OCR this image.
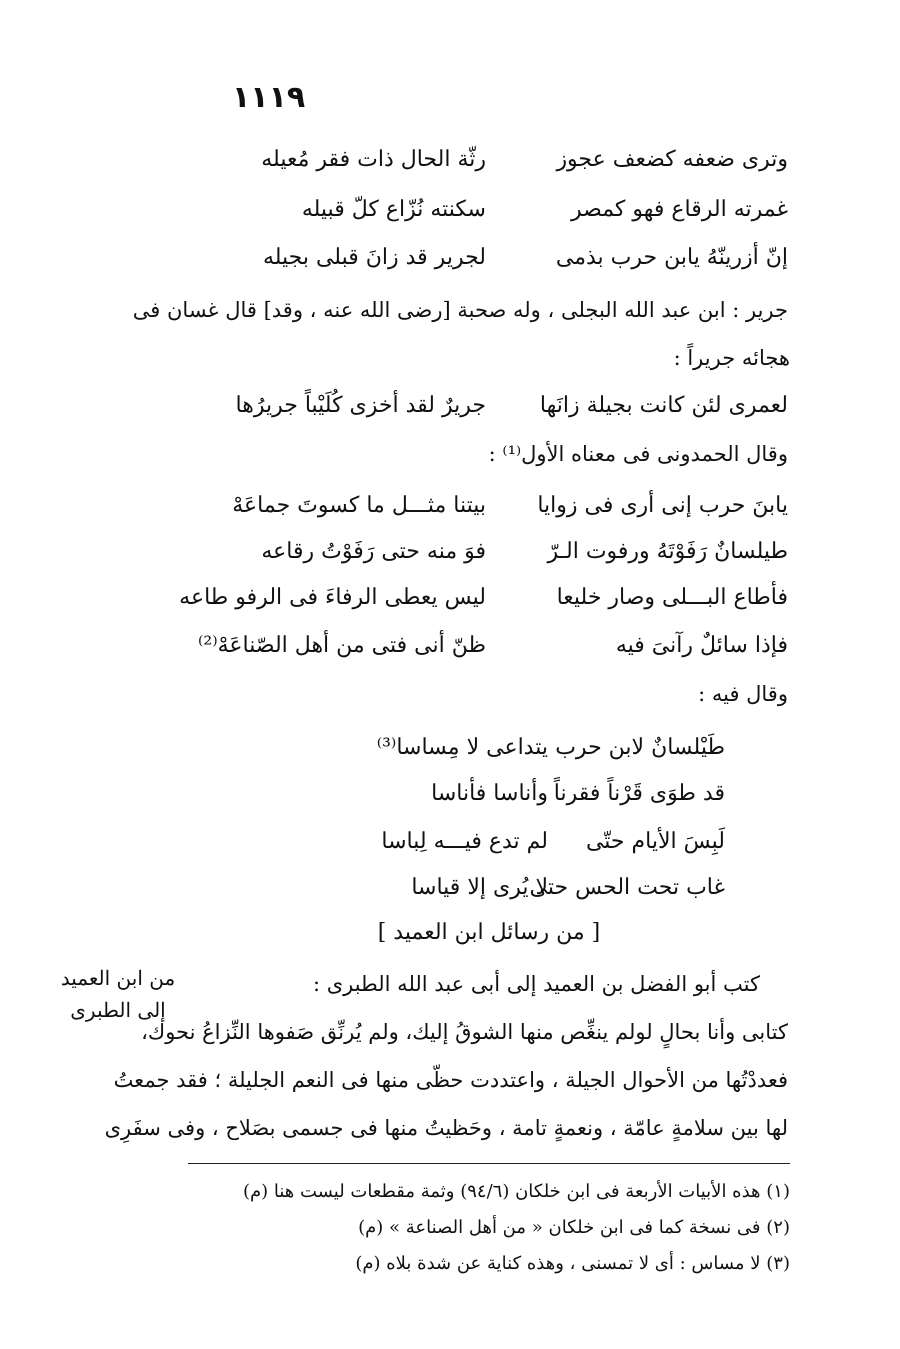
١١١٩
وترى ضعفه كضعف عجوز
رثّة الحال ذات فقر مُعيله
غمرته الرقاع فهو كمصر
سكنته نُزّاع كلّ قبيله
إنّ أزرينّهُ يابن حرب بذمى
لجرير قد زانَ قبلى بجيله
جرير : ابن عبد الله البجلى ، وله صحبة [رضى الله عنه ، وقد] قال غسان فى
هجائه جريراً :
لعمرى لئن كانت بجيلة زانَها
جريرٌ لقد أخزى كُلَيْباً جريرُها
وقال الحمدونى فى معناه الأول⁽¹⁾ :
يابنَ حرب إنى أرى فى زوايا
بيتنا مثـــل ما كسوتَ جماعَهْ
طيلسانٌ رَفَوْتَهُ ورفوت الـرّ
فوَ منه حتى رَفَوْتُ رقاعه
فأطاع البـــلى وصار خليعا
ليس يعطى الرفاءَ فى الرفو طاعه
فإذا سائلٌ رآنىَ فيه
ظنّ أنى فتى من أهل الصّناعَهْ⁽²⁾
وقال فيه :
طَيْلسانٌ لابن حرب يتداعى لا مِساسا⁽³⁾
قد طوَى قَرْناً فقرناً وأناسا فأناسا
لَبِسَ الأيام حتّى لم تدع فيـــه لِباسا
غاب تحت الحس حتى لا يُرى إلا قياسا
[ من رسائل ابن العميد ]
من ابن العميد
إلى الطبرى
كتب أبو الفضل بن العميد إلى أبى عبد الله الطبرى :
كتابى وأنا بحالٍ لولم ينغِّص منها الشوقُ إليك، ولم يُرنِّق صَفوها النِّزاعُ نحوك،
فعددْتُها من الأحوال الجيلة ، واعتددت حظّى منها فى النعم الجليلة ؛ فقد جمعتُ
لها بين سلامةٍ عامّة ، ونعمةٍ تامة ، وحَظيتُ منها فى جسمى بصَلاح ، وفى سفَرِى
(١) هذه الأبيات الأربعة فى ابن خلكان (٩٤/٦) وثمة مقطعات ليست هنا (م)
(٢) فى نسخة كما فى ابن خلكان « من أهل الصناعة » (م)
(٣) لا مساس : أى لا تمسنى ، وهذه كناية عن شدة بلاه (م)
